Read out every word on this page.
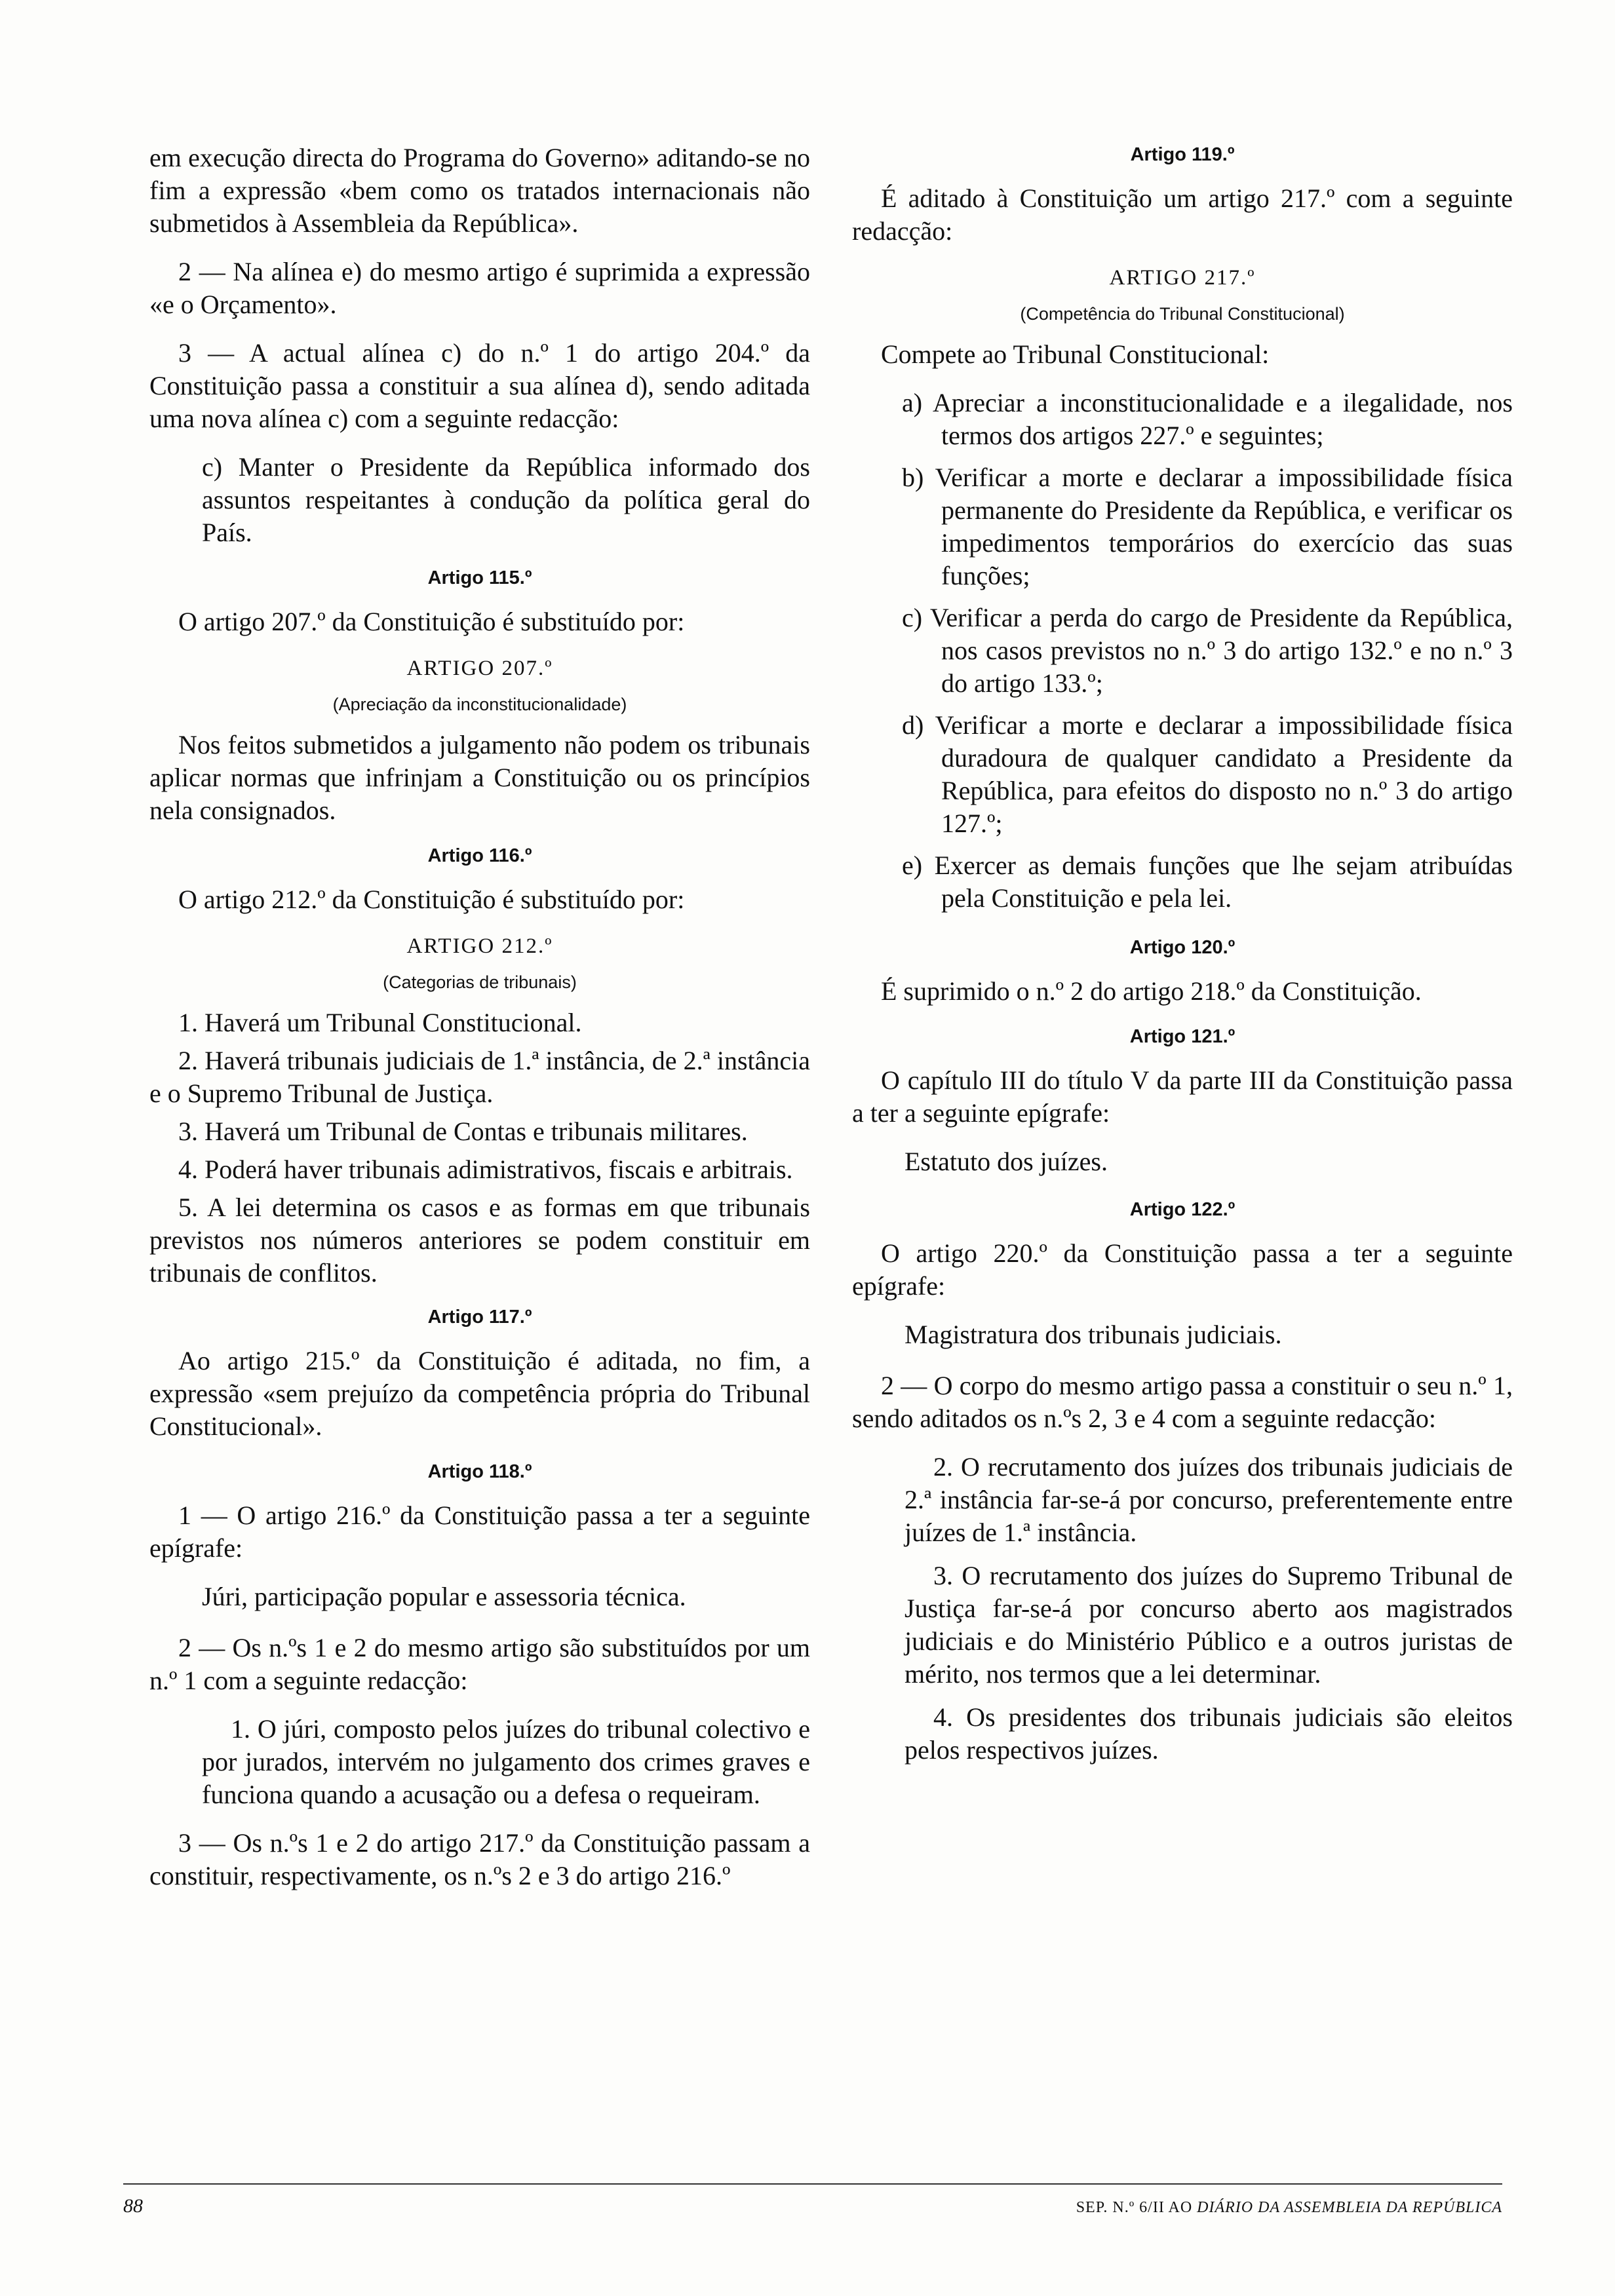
em execução directa do Programa do Governo» aditando-se no fim a expressão «bem como os tratados internacionais não submetidos à Assembleia da República».

2 — Na alínea e) do mesmo artigo é suprimida a expressão «e o Orçamento».

3 — A actual alínea c) do n.º 1 do artigo 204.º da Constituição passa a constituir a sua alínea d), sendo aditada uma nova alínea c) com a seguinte redacção:

c) Manter o Presidente da República informado dos assuntos respeitantes à condução da política geral do País.

Artigo 115.º

O artigo 207.º da Constituição é substituído por:

ARTIGO 207.º
(Apreciação da inconstitucionalidade)

Nos feitos submetidos a julgamento não podem os tribunais aplicar normas que infrinjam a Constituição ou os princípios nela consignados.

Artigo 116.º

O artigo 212.º da Constituição é substituído por:

ARTIGO 212.º
(Categorias de tribunais)

1. Haverá um Tribunal Constitucional.

2. Haverá tribunais judiciais de 1.ª instância, de 2.ª instância e o Supremo Tribunal de Justiça.

3. Haverá um Tribunal de Contas e tribunais militares.

4. Poderá haver tribunais adimistrativos, fiscais e arbitrais.

5. A lei determina os casos e as formas em que tribunais previstos nos números anteriores se podem constituir em tribunais de conflitos.

Artigo 117.º

Ao artigo 215.º da Constituição é aditada, no fim, a expressão «sem prejuízo da competência própria do Tribunal Constitucional».

Artigo 118.º

1 — O artigo 216.º da Constituição passa a ter a seguinte epígrafe:

Júri, participação popular e assessoria técnica.

2 — Os n.ºs 1 e 2 do mesmo artigo são substituídos por um n.º 1 com a seguinte redacção:

1. O júri, composto pelos juízes do tribunal colectivo e por jurados, intervém no julgamento dos crimes graves e funciona quando a acusação ou a defesa o requeiram.

3 — Os n.ºs 1 e 2 do artigo 217.º da Constituição passam a constituir, respectivamente, os n.ºs 2 e 3 do artigo 216.º

Artigo 119.º

É aditado à Constituição um artigo 217.º com a seguinte redacção:

ARTIGO 217.º
(Competência do Tribunal Constitucional)

Compete ao Tribunal Constitucional:

a) Apreciar a inconstitucionalidade e a ilegalidade, nos termos dos artigos 227.º e seguintes;

b) Verificar a morte e declarar a impossibilidade física permanente do Presidente da República, e verificar os impedimentos temporários do exercício das suas funções;

c) Verificar a perda do cargo de Presidente da República, nos casos previstos no n.º 3 do artigo 132.º e no n.º 3 do artigo 133.º;

d) Verificar a morte e declarar a impossibilidade física duradoura de qualquer candidato a Presidente da República, para efeitos do disposto no n.º 3 do artigo 127.º;

e) Exercer as demais funções que lhe sejam atribuídas pela Constituição e pela lei.

Artigo 120.º

É suprimido o n.º 2 do artigo 218.º da Constituição.

Artigo 121.º

O capítulo III do título V da parte III da Constituição passa a ter a seguinte epígrafe:

Estatuto dos juízes.

Artigo 122.º

O artigo 220.º da Constituição passa a ter a seguinte epígrafe:

Magistratura dos tribunais judiciais.

2 — O corpo do mesmo artigo passa a constituir o seu n.º 1, sendo aditados os n.ºs 2, 3 e 4 com a seguinte redacção:

2. O recrutamento dos juízes dos tribunais judiciais de 2.ª instância far-se-á por concurso, preferentemente entre juízes de 1.ª instância.

3. O recrutamento dos juízes do Supremo Tribunal de Justiça far-se-á por concurso aberto aos magistrados judiciais e do Ministério Público e a outros juristas de mérito, nos termos que a lei determinar.

4. Os presidentes dos tribunais judiciais são eleitos pelos respectivos juízes.

88	SEP. N.º 6/II AO DIÁRIO DA ASSEMBLEIA DA REPÚBLICA
